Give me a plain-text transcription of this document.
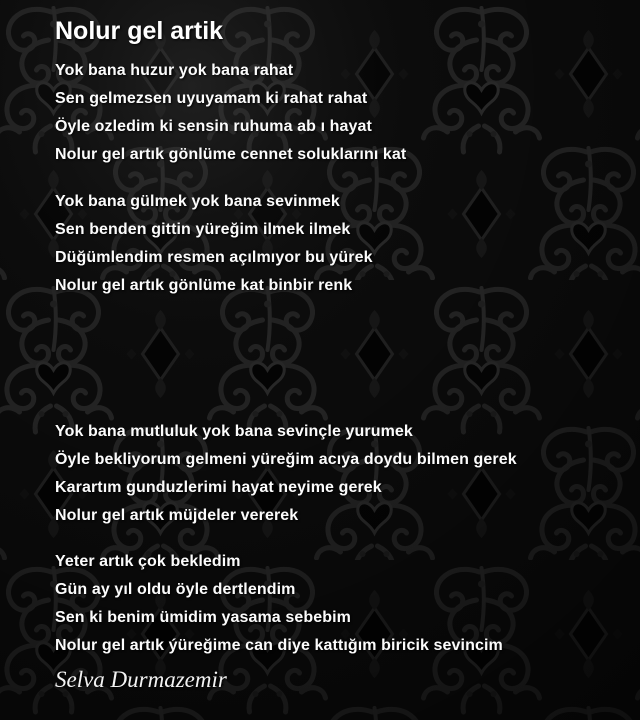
Nolur gel artik

Yok bana huzur yok bana rahat

Sen gelmezsen uyuyamam ki rahat rahat

Öyle ozledim ki sensin ruhuma ab ı hayat

Nolur gel artık gönlüme cennet soluklarını kat

Yok bana gülmek yok bana sevinmek

Sen benden gittin yüreğim ilmek ilmek

Düğümlendim resmen açılmıyor bu yürek

Nolur gel artık gönlüme kat binbir renk

Yok bana mutluluk yok bana sevinçle yurumek

Öyle bekliyorum gelmeni yüreğim acıya doydu bilmen gerek

Karartım gunduzlerimi hayat neyime gerek

Nolur gel artık müjdeler vererek

Yeter artık çok bekledim

Gün ay yıl oldu öyle dertlendim

Sen ki benim ümidim yasama sebebim

Nolur gel artık ýüreğime can diye kattığım biricik sevincim

Selva Durmazemir
